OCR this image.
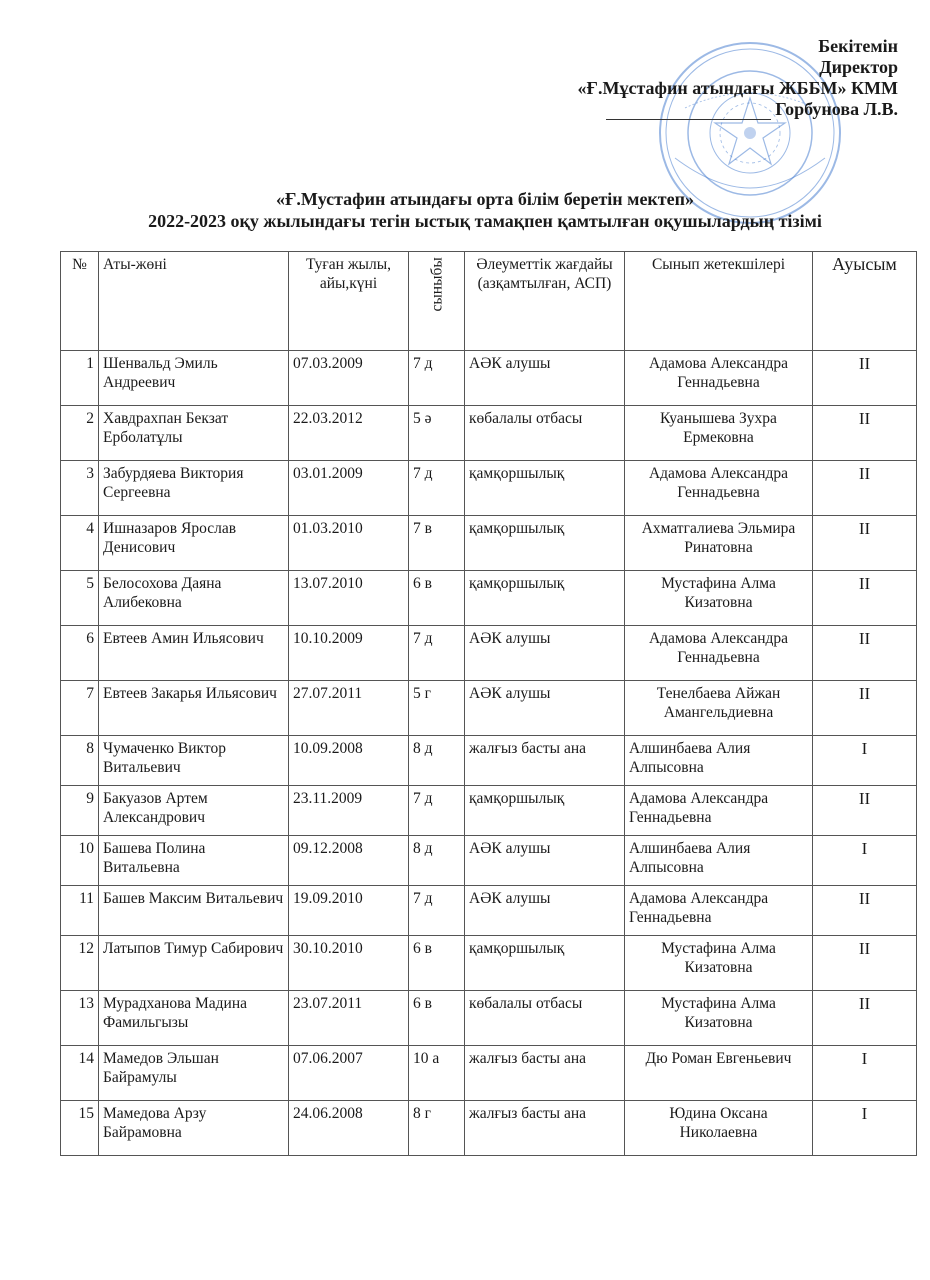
Бекітемін
Директор
«Ғ.Мұстафин атындағы ЖББМ» КММ
Горбунова Л.В.
«Ғ.Мустафин атындағы орта білім беретін мектеп»
2022-2023 оқу жылындағы тегін ыстық тамақпен қамтылған оқушылардың тізімі
№	Аты-жөні	Туған жылы, айы,күні	сыныбы	Әлеуметтік жағдайы (азқамтылған, АСП)	Сынып жетекшілері	Ауысым
1	Шенвальд Эмиль Андреевич	07.03.2009	7 д	АӘК алушы	Адамова Александра Геннадьевна	II
2	Хавдрахпан Бекзат Ерболатұлы	22.03.2012	5 ә	көбалалы отбасы	Куанышева Зухра Ермековна	II
3	Забурдяева Виктория Сергеевна	03.01.2009	7 д	қамқоршылық	Адамова Александра Геннадьевна	II
4	Ишназаров Ярослав Денисович	01.03.2010	7 в	қамқоршылық	Ахматгалиева Эльмира Ринатовна	II
5	Белосохова Даяна Алибековна	13.07.2010	6 в	қамқоршылық	Мустафина Алма Кизатовна	II
6	Евтеев Амин Ильясович	10.10.2009	7 д	АӘК алушы	Адамова Александра Геннадьевна	II
7	Евтеев Закарья Ильясович	27.07.2011	5 г	АӘК алушы	Тенелбаева Айжан Амангельдиевна	II
8	Чумаченко Виктор Витальевич	10.09.2008	8 д	жалғыз басты ана	Алшинбаева Алия Алпысовна	I
9	Бакуазов Артем Александрович	23.11.2009	7 д	қамқоршылық	Адамова Александра Геннадьевна	II
10	Башева Полина Витальевна	09.12.2008	8 д	АӘК алушы	Алшинбаева Алия Алпысовна	I
11	Башев Максим Витальевич	19.09.2010	7 д	АӘК алушы	Адамова Александра Геннадьевна	II
12	Латыпов Тимур Сабирович	30.10.2010	6 в	қамқоршылық	Мустафина Алма Кизатовна	II
13	Мурадханова Мадина Фамильгызы	23.07.2011	6 в	көбалалы отбасы	Мустафина Алма Кизатовна	II
14	Мамедов Эльшан Байрамулы	07.06.2007	10 а	жалғыз басты ана	Дю Роман Евгеньевич	I
15	Мамедова Арзу Байрамовна	24.06.2008	8 г	жалғыз басты ана	Юдина Оксана Николаевна	I
